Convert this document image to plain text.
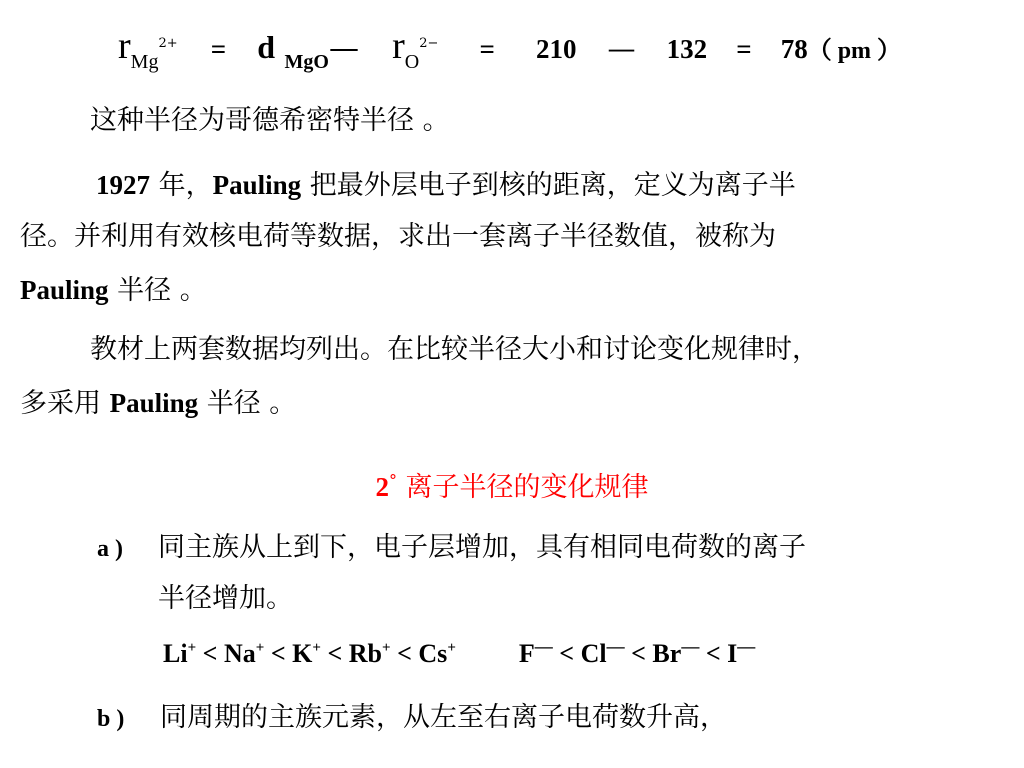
$r_{Mg}^{2+} = d$ $_{MgO}$— $r_O^{2-} = 210$ — 132 = 78（ pm ）
这种半径为哥德希密特半径 。
1927 年，Pauling 把最外层电子到核的距离，定义为离子半
径。并利用有效核电荷等数据，求出一套离子半径数值，被称为
Pauling 半径 。
教材上两套数据均列出。在比较半径大小和讨论变化规律时，
多采用 Pauling 半径 。
2° 离子半径的变化规律
a ) 同主族从上到下，电子层增加，具有相同电荷数的离子
半径增加。
Li+ < Na+ < K+ < Rb+ < Cs+ F— < Cl— < Br— < I—
b ) 同周期的主族元素，从左至右离子电荷数升高，
